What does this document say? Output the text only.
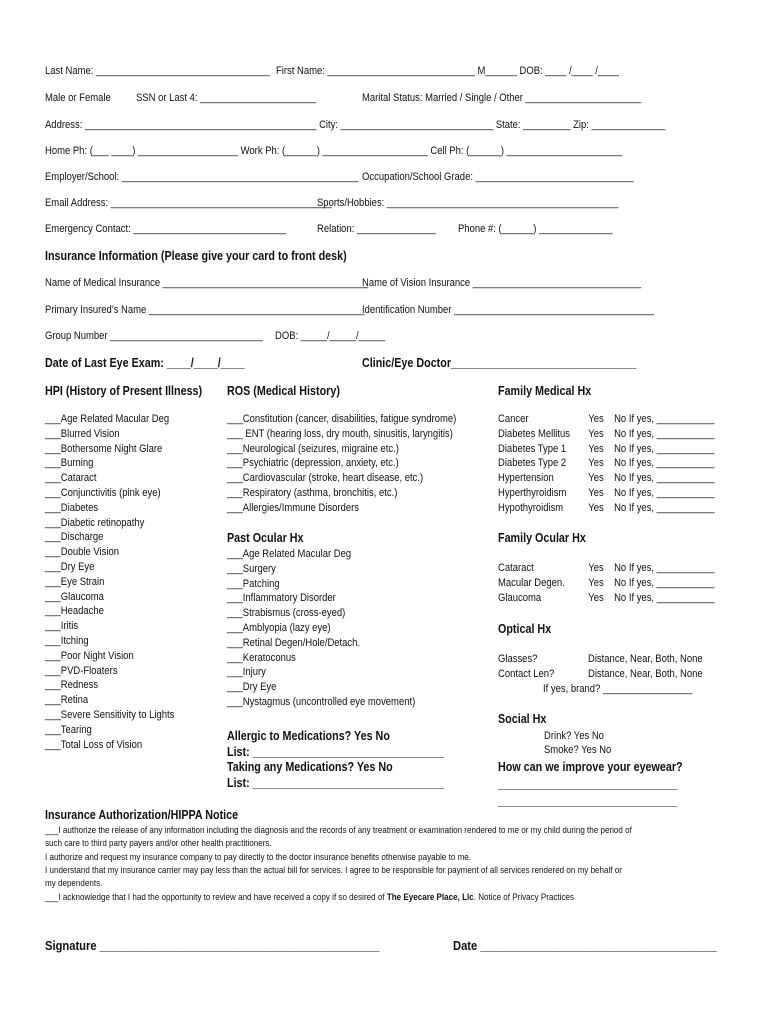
Last Name: _________________________________ First Name: ____________________________ M______ DOB: ____ /____ /____
Male or Female SSN or Last 4: ______________________	Marital Status: Married / Single / Other ______________________
Address: ____________________________________________ City: _____________________________ State: _________ Zip: ______________
Home Ph: (___ ____) ___________________ Work Ph: (______) ____________________ Cell Ph: (______) ______________________
Employer/School: _____________________________________________ Occupation/School Grade: ______________________________
Email Address: __________________________________________
Sports/Hobbies: ____________________________________________
Emergency Contact: _____________________________	Relation: _______________ Phone #: (______) ______________
Insurance Information (Please give your card to front desk)
Name of Medical Insurance _______________________________________
Name of Vision Insurance ________________________________
Primary Insured’s Name _________________________________________
Identification Number ______________________________________
Group Number _____________________________ DOB: _____/_____/_____
Date of Last Eye Exam: ____/____/____	Clinic/Eye Doctor_______________________________
HPI (History of Present Illness) ROS (Medical History)	Family Medical Hx
___Age Related Macular Deg
___Blurred Vision
___Bothersome Night Glare
___Burning
___Cataract
___Conjunctivitis (pink eye)
___Diabetes
___Diabetic retinopathy
___Discharge
___Double Vision
___Dry Eye
___Eye Strain
___Glaucoma
___Headache
___Iritis
___Itching
___Poor Night Vision
___PVD-Floaters
___Redness
___Retina
___Severe Sensitivity to Lights
___Tearing
___Total Loss of Vision
___Constitution (cancer, disabilities, fatigue syndrome)
___ ENT (hearing loss, dry mouth, sinusitis, laryngitis)
___Neurological (seizures, migraine etc.)
___Psychiatric (depression, anxiety, etc.)
___Cardiovascular (stroke, heart disease, etc.)
___Respiratory (asthma, bronchitis, etc.)
___Allergies/Immune Disorders
Past Ocular Hx
___Age Related Macular Deg
___Surgery
___Patching
___Inflammatory Disorder
___Strabismus (cross-eyed)
___Amblyopia (lazy eye)
___Retinal Degen/Hole/Detach.
___Keratoconus
___Injury
___Dry Eye
___Nystagmus (uncontrolled eye movement)
Allergic to Medications? Yes No
List: ________________________________
Taking any Medications? Yes No
List: ________________________________
Cancer	Yes No If yes, ___________
Diabetes Mellitus Yes No If yes, ___________
Diabetes Type 1 Yes No If yes, ___________
Diabetes Type 2 Yes No If yes, ___________
Hypertension	Yes No If yes, ___________
Hyperthyroidism Yes No If yes, ___________
Hypothyroidism Yes No If yes, ___________
Family Ocular Hx
Cataract	Yes No If yes, ___________
Macular Degen. Yes No If yes, ___________
Glaucoma	Yes No If yes, ___________
Optical Hx
Glasses?	Distance, Near, Both, None
Contact Len?	Distance, Near, Both, None
If yes, brand? _________________
Social Hx
Drink? Yes No
Smoke? Yes No
How can we improve your eyewear?
______________________________
______________________________
Insurance Authorization/HIPPA Notice
___I authorize the release of any information including the diagnosis and the records of any treatment or examination rendered to me or my child during the period of
such care to third party payers and/or other health practitioners.
I authorize and request my insurance company to pay directly to the doctor insurance benefits otherwise payable to me.
I understand that my insurance carrier may pay less than the actual bill for services. I agree to be responsible for payment of all services rendered on my behalf or
my dependents.
___I acknowledge that I had the opportunity to review and have received a copy if so desired of The Eyecare Place, Llc. Notice of Privacy Practices
Signature _____________________________________________	Date ______________________________________
